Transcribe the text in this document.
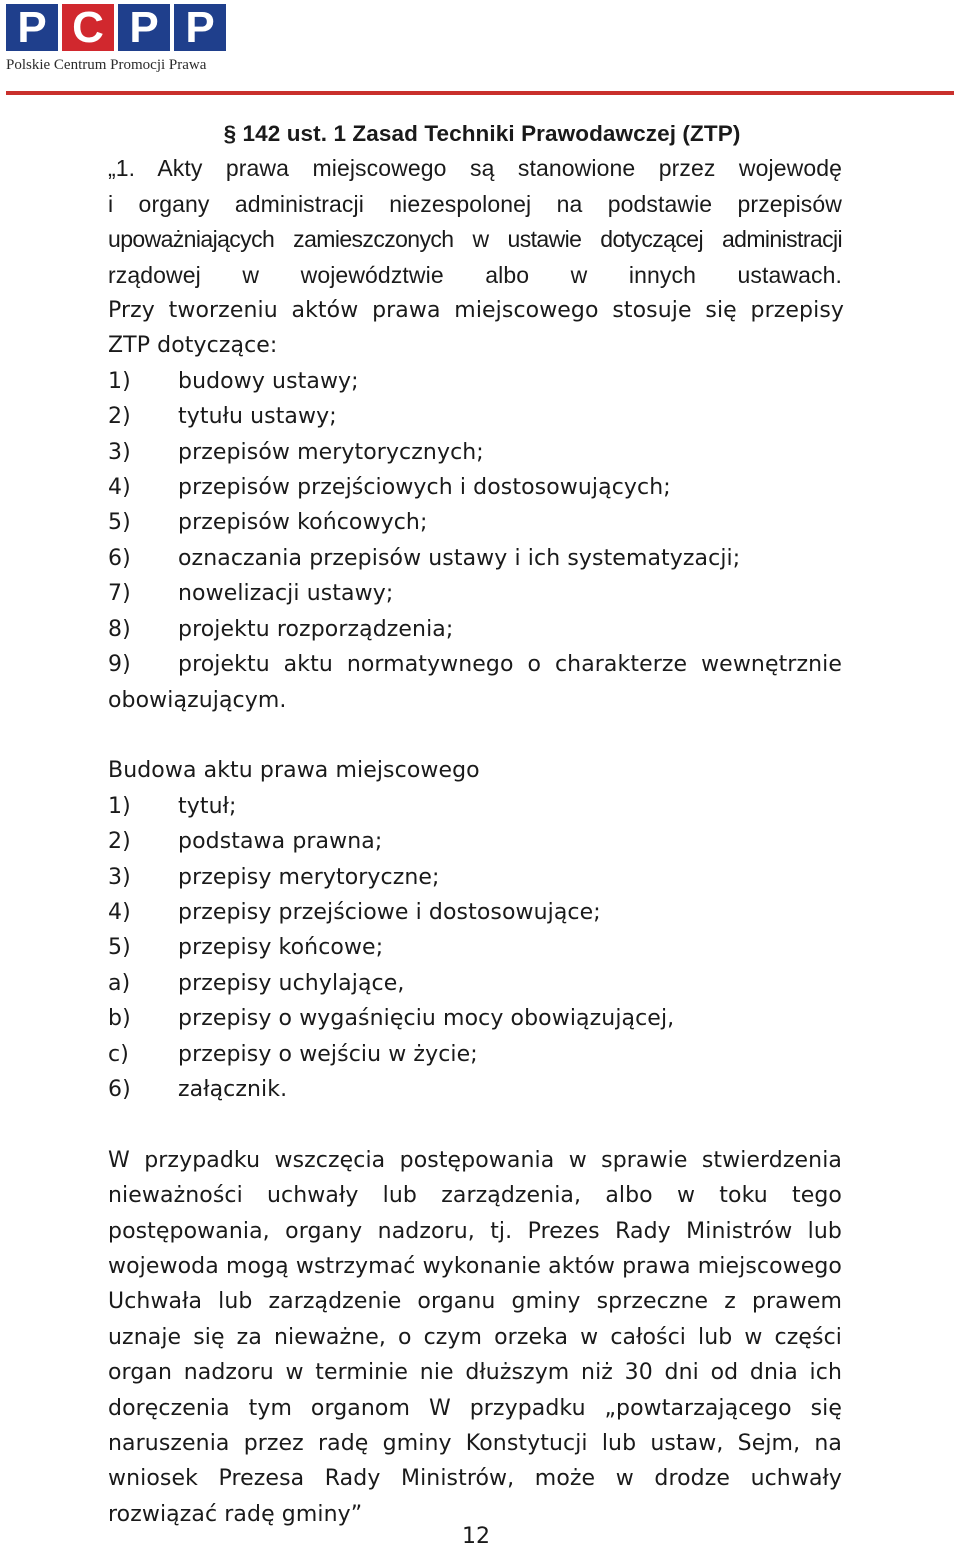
P C P P
Polskie Centrum Promocji Prawa
§ 142 ust. 1 Zasad Techniki Prawodawczej (ZTP)
„1. Akty prawa miejscowego są stanowione przez wojewodę
i organy administracji niezespolonej na podstawie przepisów
upoważniających zamieszczonych w ustawie dotyczącej administracji
rządowej w województwie albo w innych ustawach.
Przy tworzeniu aktów prawa miejscowego stosuje się przepisy ZTP dotyczące:
1)	budowy ustawy;
2)	tytułu ustawy;
3)	przepisów merytorycznych;
4)	przepisów przejściowych i dostosowujących;
5)	przepisów końcowych;
6)	oznaczania przepisów ustawy i ich systematyzacji;
7)	nowelizacji ustawy;
8)	projektu rozporządzenia;
9)	projektu aktu normatywnego o charakterze wewnętrznie
obowiązującym.
Budowa aktu prawa miejscowego
1)	tytuł;
2)	podstawa prawna;
3)	przepisy merytoryczne;
4)	przepisy przejściowe i dostosowujące;
5)	przepisy końcowe;
a)	przepisy uchylające,
b)	przepisy o wygaśnięciu mocy obowiązującej,
c)	przepisy o wejściu w życie;
6)	załącznik.
W przypadku wszczęcia postępowania w sprawie stwierdzenia nieważności uchwały lub zarządzenia, albo w toku tego postępowania, organy nadzoru, tj. Prezes Rady Ministrów lub wojewoda mogą wstrzymać wykonanie aktów prawa miejscowego Uchwała lub zarządzenie organu gminy sprzeczne z prawem uznaje się za nieważne, o czym orzeka w całości lub w części organ nadzoru w terminie nie dłuższym niż 30 dni od dnia ich doręczenia tym organom W przypadku „powtarzającego się naruszenia przez radę gminy Konstytucji lub ustaw, Sejm, na wniosek Prezesa Rady Ministrów, może w drodze uchwały rozwiązać radę gminy”
12
